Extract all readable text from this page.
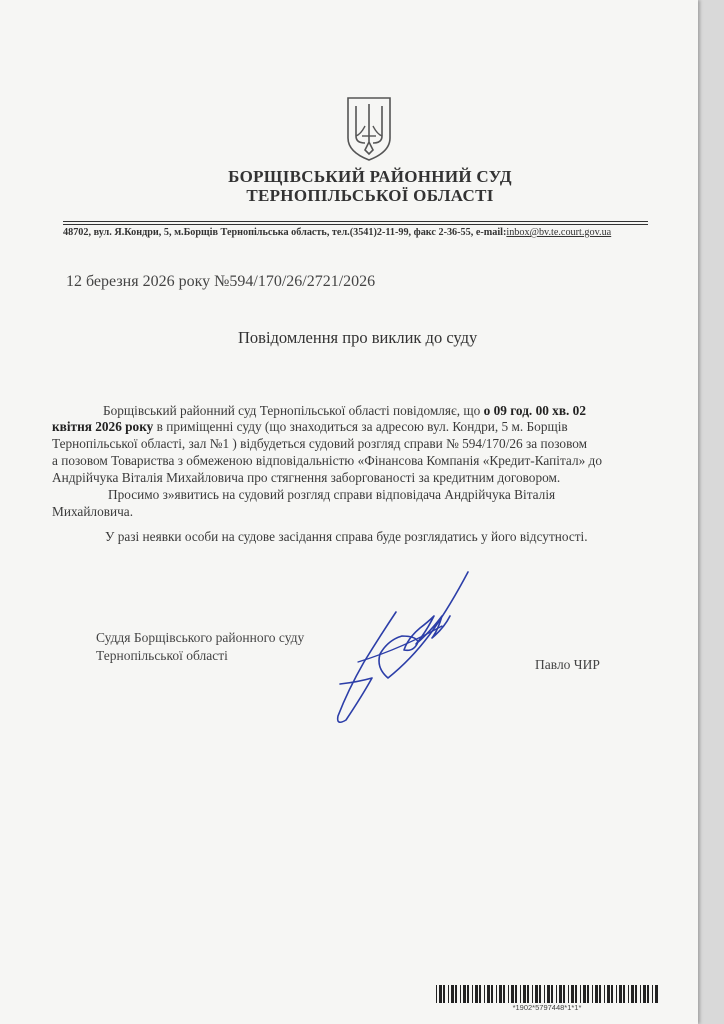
БОРЩІВСЬКИЙ РАЙОННИЙ СУД
ТЕРНОПІЛЬСЬКОЇ ОБЛАСТІ
48702, вул. Я.Кондри, 5, м.Борщів Тернопільська область, тел.(3541)2-11-99, факс 2-36-55, e-mail:inbox@bv.te.court.gov.ua
12 березня 2026 року №594/170/26/2721/2026
Повідомлення про виклик до суду
Борщівський районний суд Тернопільської області повідомляє, що о 09 год. 00 хв. 02
квітня 2026 року в приміщенні суду (що знаходиться за адресою вул. Кондри, 5 м. Борщів
Тернопільської області, зал №1 ) відбудеться судовий розгляд справи № 594/170/26 за позовом
а позовом Товариства з обмеженою відповідальністю «Фінансова Компанія «Кредит-Капітал» до
Андрійчука Віталія Михайловича про стягнення заборгованості за кредитним договором.
Просимо з»явитись на судовий розгляд справи відповідача Андрійчука Віталія
Михайловича.
У разі неявки особи на судове засідання справа буде розглядатись у його відсутності.
Суддя Борщівського районного суду
Тернопільської області
Павло ЧИР
*1902*5797448*1*1*
